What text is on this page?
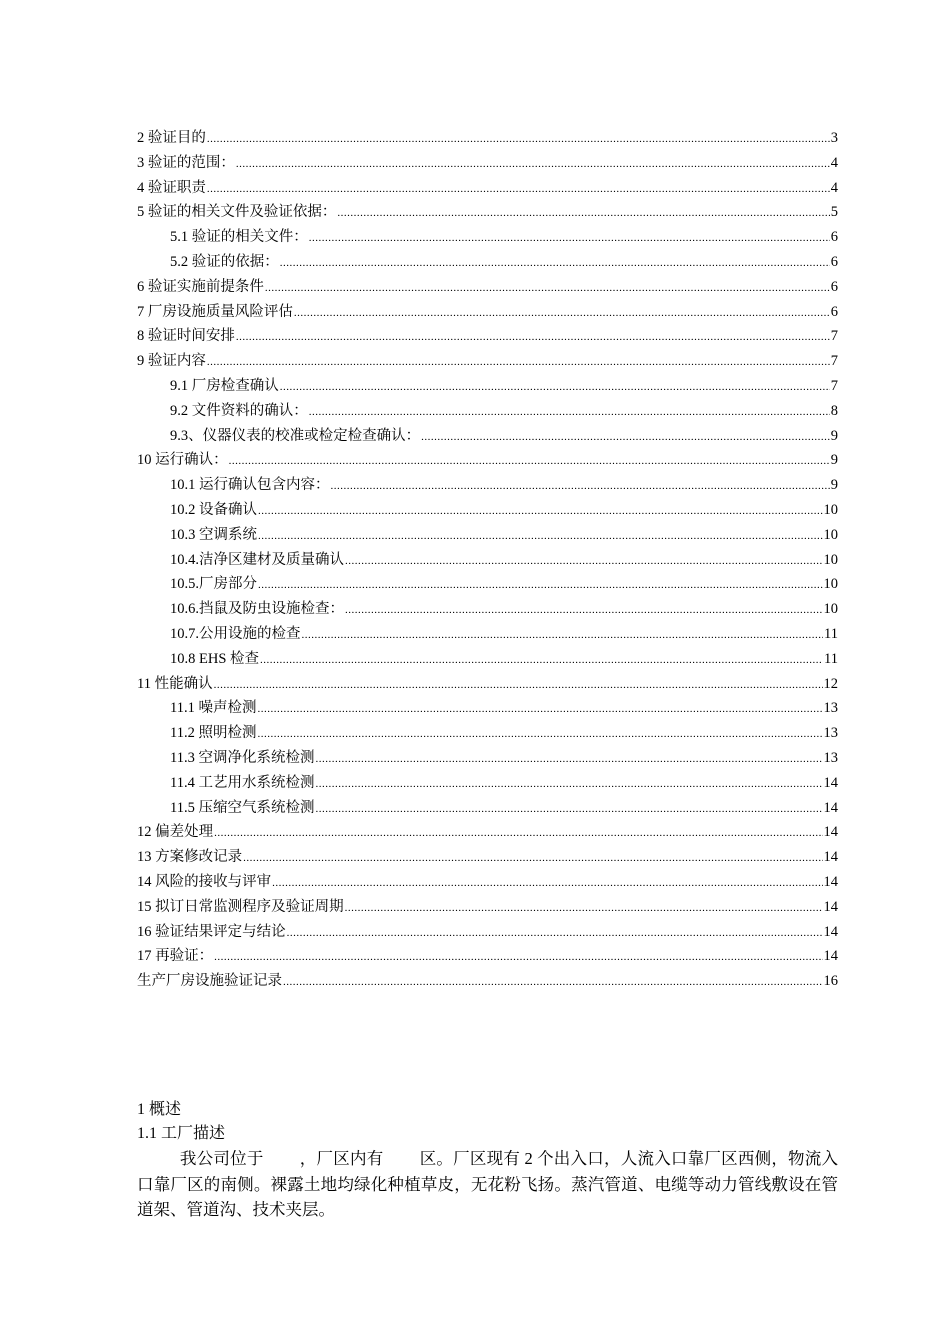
2 验证目的 .....	3
3 验证的范围： .....	4
4 验证职责 .....	4
5 验证的相关文件及验证依据： .....	5
5.1 验证的相关文件： .....	6
5.2 验证的依据： .....	6
6 验证实施前提条件 .....	6
7 厂房设施质量风险评估 .....	6
8 验证时间安排 .....	7
9 验证内容 .....	7
9.1 厂房检查确认 .....	7
9.2 文件资料的确认： .....	8
9.3、仪器仪表的校准或检定检查确认： .....	9
10 运行确认： .....	9
10.1 运行确认包含内容： .....	9
10.2 设备确认 .....	10
10.3 空调系统 .....	10
10.4.洁净区建材及质量确认 .....	10
10.5.厂房部分 .....	10
10.6.挡鼠及防虫设施检查： .....	10
10.7.公用设施的检查 .....	11
10.8 EHS 检查 .....	11
11 性能确认 .....	12
11.1 噪声检测 .....	13
11.2 照明检测 .....	13
11.3 空调净化系统检测 .....	13
11.4 工艺用水系统检测 .....	14
11.5 压缩空气系统检测 .....	14
12 偏差处理 .....	14
13 方案修改记录 .....	14
14 风险的接收与评审 .....	14
15 拟订日常监测程序及验证周期 .....	14
16 验证结果评定与结论 .....	14
17 再验证： .....	14
生产厂房设施验证记录 .....	16
1 概述
1.1 工厂描述

我公司位于 ，厂区内有 区。厂区现有 2 个出入口，人流入口靠厂区西侧，物流入口靠厂区的南侧。裸露土地均绿化种植草皮，无花粉飞扬。蒸汽管道、电缆等动力管线敷设在管道架、管道沟、技术夹层。
